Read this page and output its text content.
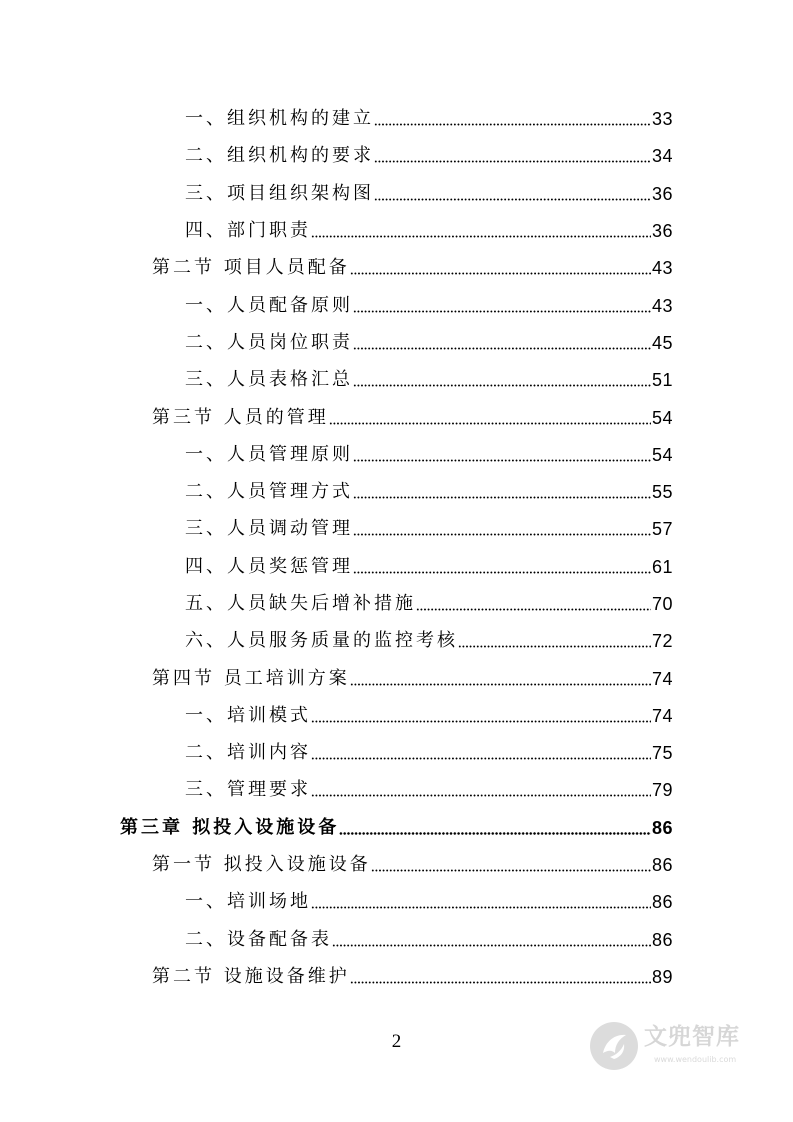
一、组织机构的建立	33
二、组织机构的要求	34
三、项目组织架构图	36
四、部门职责	36
第二节 项目人员配备	43
一、人员配备原则	43
二、人员岗位职责	45
三、人员表格汇总	51
第三节 人员的管理	54
一、人员管理原则	54
二、人员管理方式	55
三、人员调动管理	57
四、人员奖惩管理	61
五、人员缺失后增补措施	70
六、人员服务质量的监控考核	72
第四节 员工培训方案	74
一、培训模式	74
二、培训内容	75
三、管理要求	79
第三章 拟投入设施设备	86
第一节 拟投入设施设备	86
一、培训场地	86
二、设备配备表	86
第二节 设施设备维护	89
2	文兜智库
www.wendoulib.com
